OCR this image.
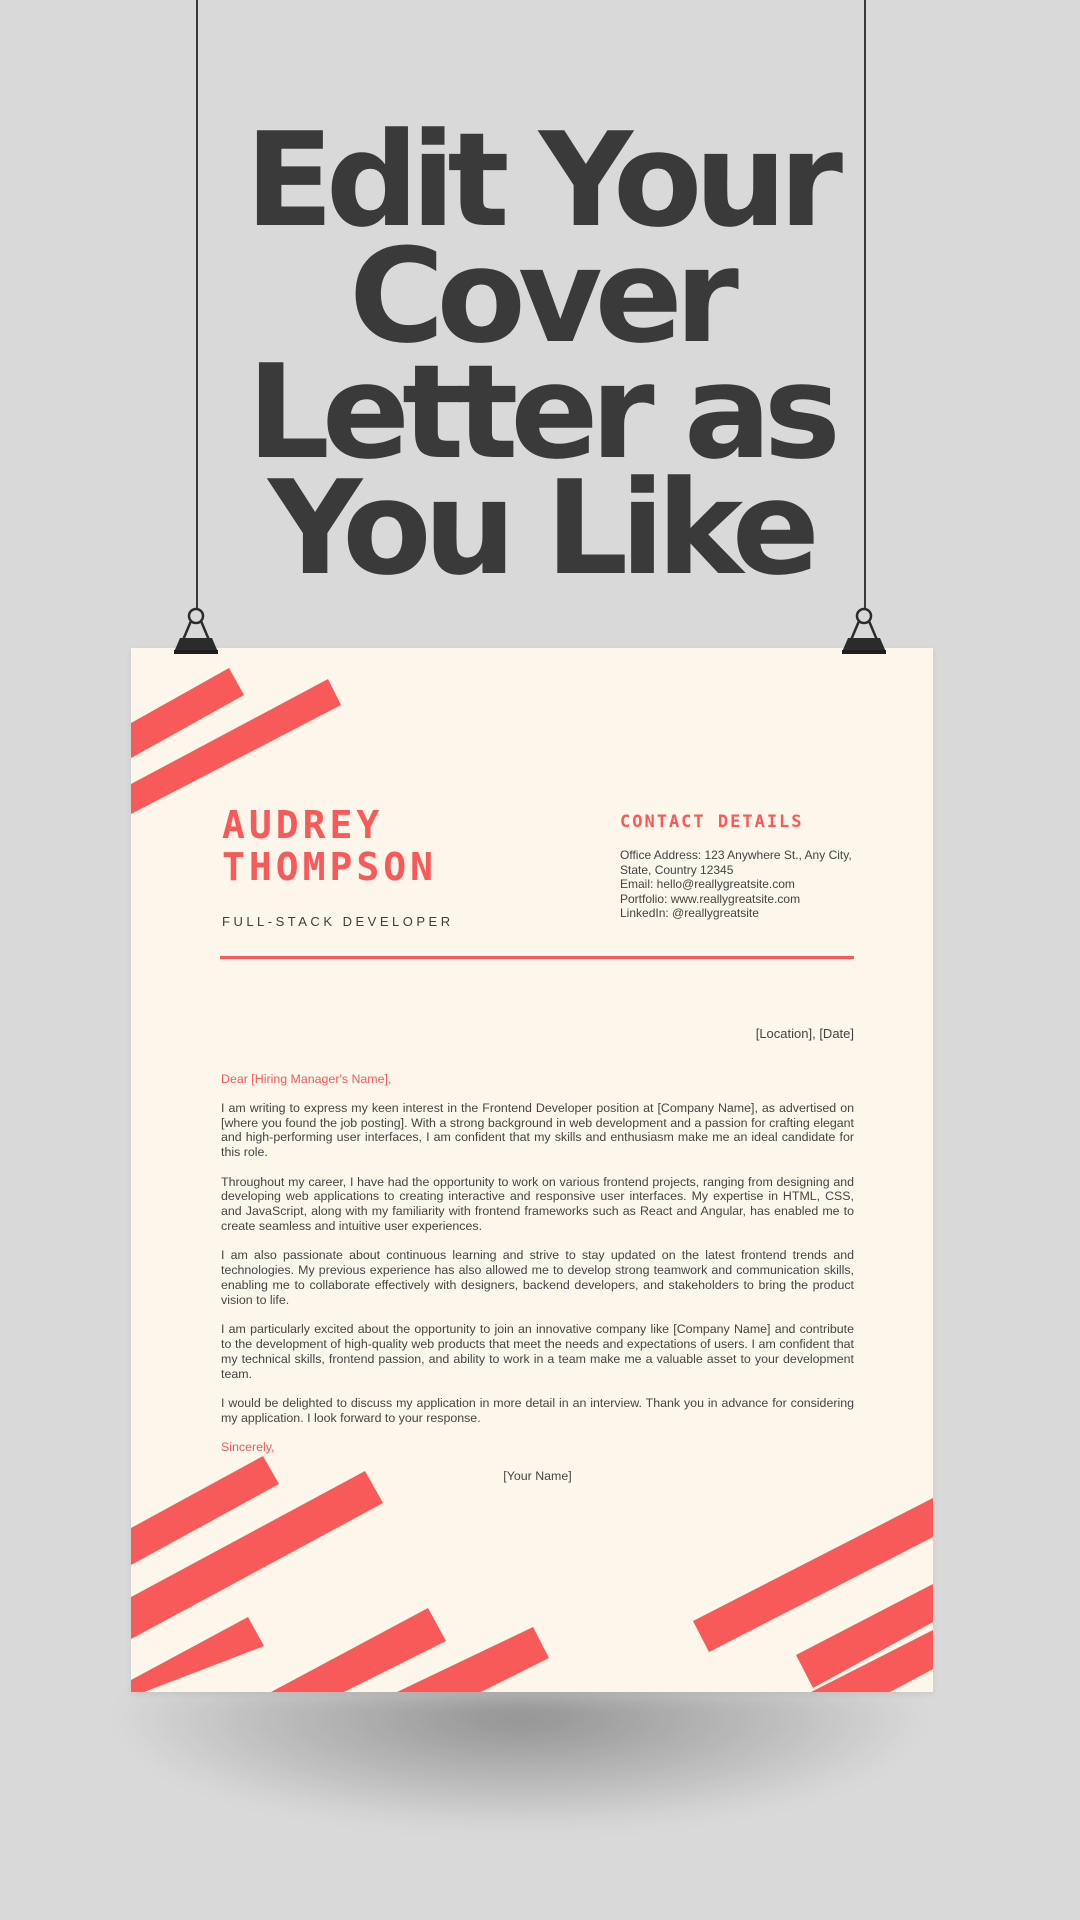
Edit Your
Cover
Letter as
You Like
AUDREY
THOMPSON
FULL-STACK DEVELOPER
CONTACT DETAILS
Office Address: 123 Anywhere St., Any City,
State, Country 12345
Email: hello@reallygreatsite.com
Portfolio: www.reallygreatsite.com
LinkedIn: @reallygreatsite
[Location], [Date]
Dear [Hiring Manager's Name],
I am writing to express my keen interest in the Frontend Developer position at [Company Name], as advertised on [where you found the job posting]. With a strong background in web development and a passion for crafting elegant and high-performing user interfaces, I am confident that my skills and enthusiasm make me an ideal candidate for this role.
Throughout my career, I have had the opportunity to work on various frontend projects, ranging from designing and developing web applications to creating interactive and responsive user interfaces. My expertise in HTML, CSS, and JavaScript, along with my familiarity with frontend frameworks such as React and Angular, has enabled me to create seamless and intuitive user experiences.
I am also passionate about continuous learning and strive to stay updated on the latest frontend trends and technologies. My previous experience has also allowed me to develop strong teamwork and communication skills, enabling me to collaborate effectively with designers, backend developers, and stakeholders to bring the product vision to life.
I am particularly excited about the opportunity to join an innovative company like [Company Name] and contribute to the development of high-quality web products that meet the needs and expectations of users. I am confident that my technical skills, frontend passion, and ability to work in a team make me a valuable asset to your development team.
I would be delighted to discuss my application in more detail in an interview. Thank you in advance for considering my application. I look forward to your response.
Sincerely,
[Your Name]
